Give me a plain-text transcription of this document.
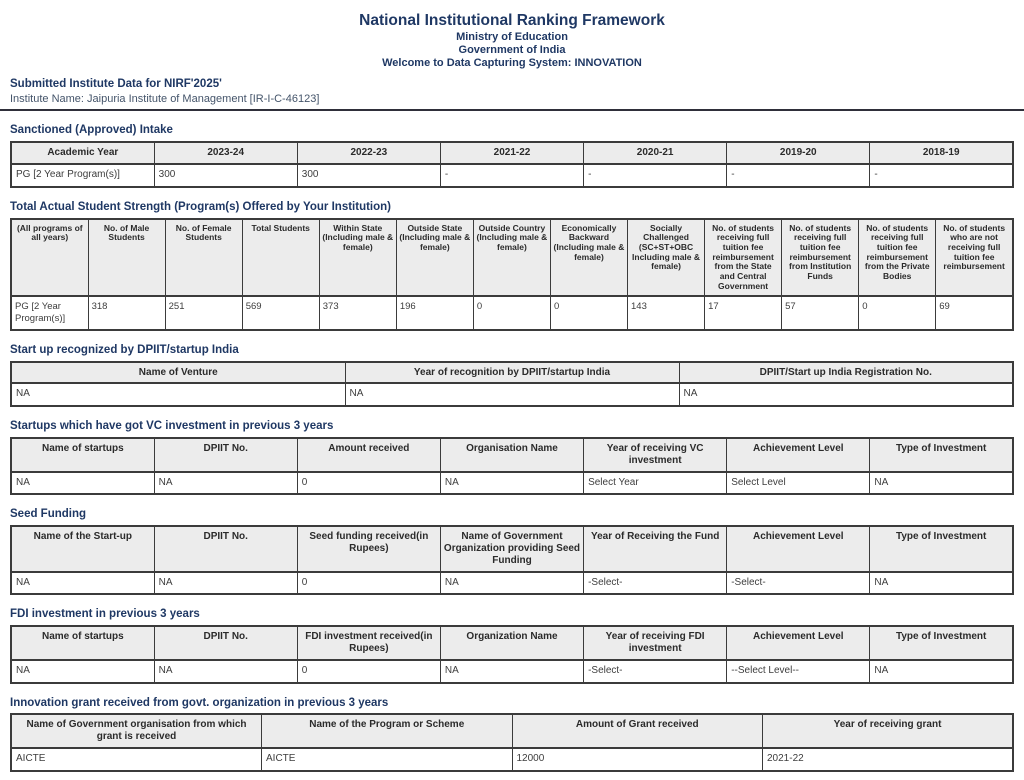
National Institutional Ranking Framework
Ministry of Education
Government of India
Welcome to Data Capturing System: INNOVATION
Submitted Institute Data for NIRF'2025'
Institute Name: Jaipuria Institute of Management [IR-I-C-46123]
Sanctioned (Approved) Intake
Academic Year	2023-24	2022-23	2021-22	2020-21	2019-20	2018-19
PG [2 Year Program(s)]	300	300	-	-	-	-
Total Actual Student Strength (Program(s) Offered by Your Institution)
(All programs of all years)	No. of Male Students	No. of Female Students	Total Students	Within State (Including male & female)	Outside State (Including male & female)	Outside Country (Including male & female)	Economically Backward (Including male & female)	Socially Challenged (SC+ST+OBC Including male & female)	No. of students receiving full tuition fee reimbursement from the State and Central Government	No. of students receiving full tuition fee reimbursement from Institution Funds	No. of students receiving full tuition fee reimbursement from the Private Bodies	No. of students who are not receiving full tuition fee reimbursement
PG [2 Year Program(s)]	318	251	569	373	196	0	0	143	17	57	0	69
Start up recognized by DPIIT/startup India
Name of Venture	Year of recognition by DPIIT/startup India	DPIIT/Start up India Registration No.
NA	NA	NA
Startups which have got VC investment in previous 3 years
Name of startups	DPIIT No.	Amount received	Organisation Name	Year of receiving VC investment	Achievement Level	Type of Investment
NA	NA	0	NA	Select Year	Select Level	NA
Seed Funding
Name of the Start-up	DPIIT No.	Seed funding received(in Rupees)	Name of Government Organization providing Seed Funding	Year of Receiving the Fund	Achievement Level	Type of Investment
NA	NA	0	NA	-Select-	-Select-	NA
FDI investment in previous 3 years
Name of startups	DPIIT No.	FDI investment received(in Rupees)	Organization Name	Year of receiving FDI investment	Achievement Level	Type of Investment
NA	NA	0	NA	-Select-	--Select Level--	NA
Innovation grant received from govt. organization in previous 3 years
Name of Government organisation from which grant is received	Name of the Program or Scheme	Amount of Grant received	Year of receiving grant
AICTE	AICTE	12000	2021-22
